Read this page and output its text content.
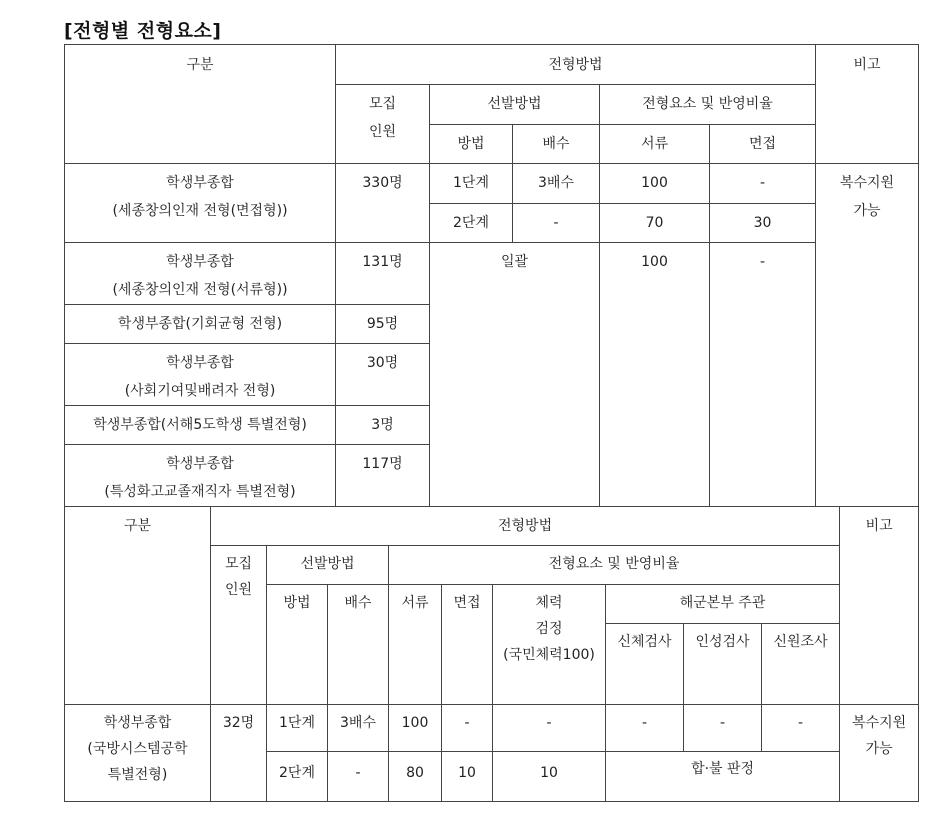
[전형별 전형요소]
구분	전형방법					비고
	모집
인원	선발방법		전형요소 및 반영비율		
		방법	배수	서류	면접	
학생부종합
(세종창의인재 전형(면접형))	330명	1단계	3배수	100	-	복수지원
가능
		2단계	-	70	30	
학생부종합
(세종창의인재 전형(서류형))	131명	일괄		100	-	
학생부종합(기회균형 전형)	95명					
학생부종합
(사회기여및배려자 전형)	30명					
학생부종합(서해5도학생 특별전형)	3명					
학생부종합
(특성화고교졸재직자 특별전형)	117명					
구분	전형방법									비고
	모집
인원	선발방법		전형요소 및 반영비율						
		방법	배수	서류	면접	체력
검정
(국민체력100)	해군본부 주관			
							신체검사	인성검사	신원조사	
학생부종합
(국방시스템공학
특별전형)	32명	1단계	3배수	100	-	-	-	-	-	복수지원
가능
		2단계	-	80	10	10	합·불 판정			
